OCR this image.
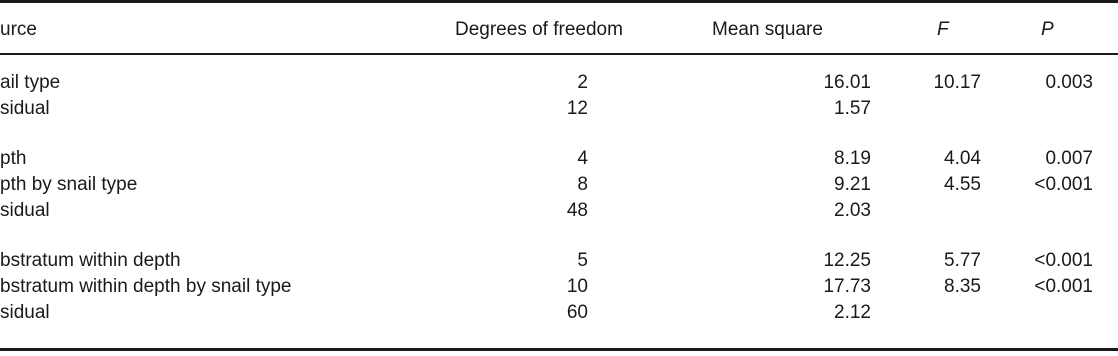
urce	Degrees of freedom	Mean square	F	P
ail type	2	16.01	10.17	0.003
sidual	12	1.57
pth	4	8.19	4.04	0.007
pth by snail type	8	9.21	4.55	<0.001
sidual	48	2.03
bstratum within depth	5	12.25	5.77	<0.001
bstratum within depth by snail type	10	17.73	8.35	<0.001
sidual	60	2.12
